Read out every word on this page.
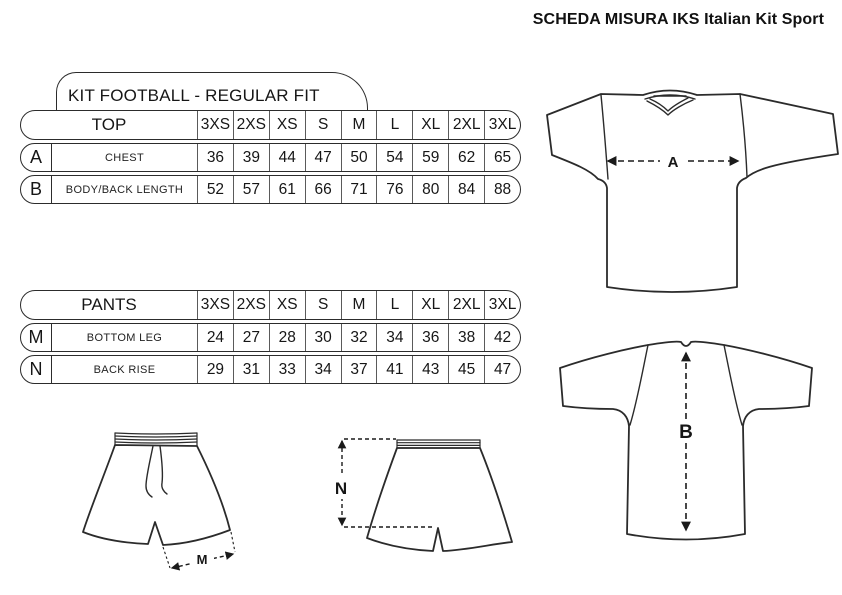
SCHEDA MISURA IKS Italian Kit Sport
KIT FOOTBALL - REGULAR FIT
TOP	3XS 2XS XS	S	M	L	XL 2XL 3XL
A	CHEST	36	39	44	47	50	54	59	62	65
B	BODY/BACK LENGTH	52	57	61	66	71	76	80	84	88
PANTS	3XS 2XS XS	S	M	L	XL 2XL 3XL
M	BOTTOM LEG	24	27	28	30	32	34	36	38	42
N	BACK RISE	29	31	33	34	37	41	43	45	47
A
B
M
N
